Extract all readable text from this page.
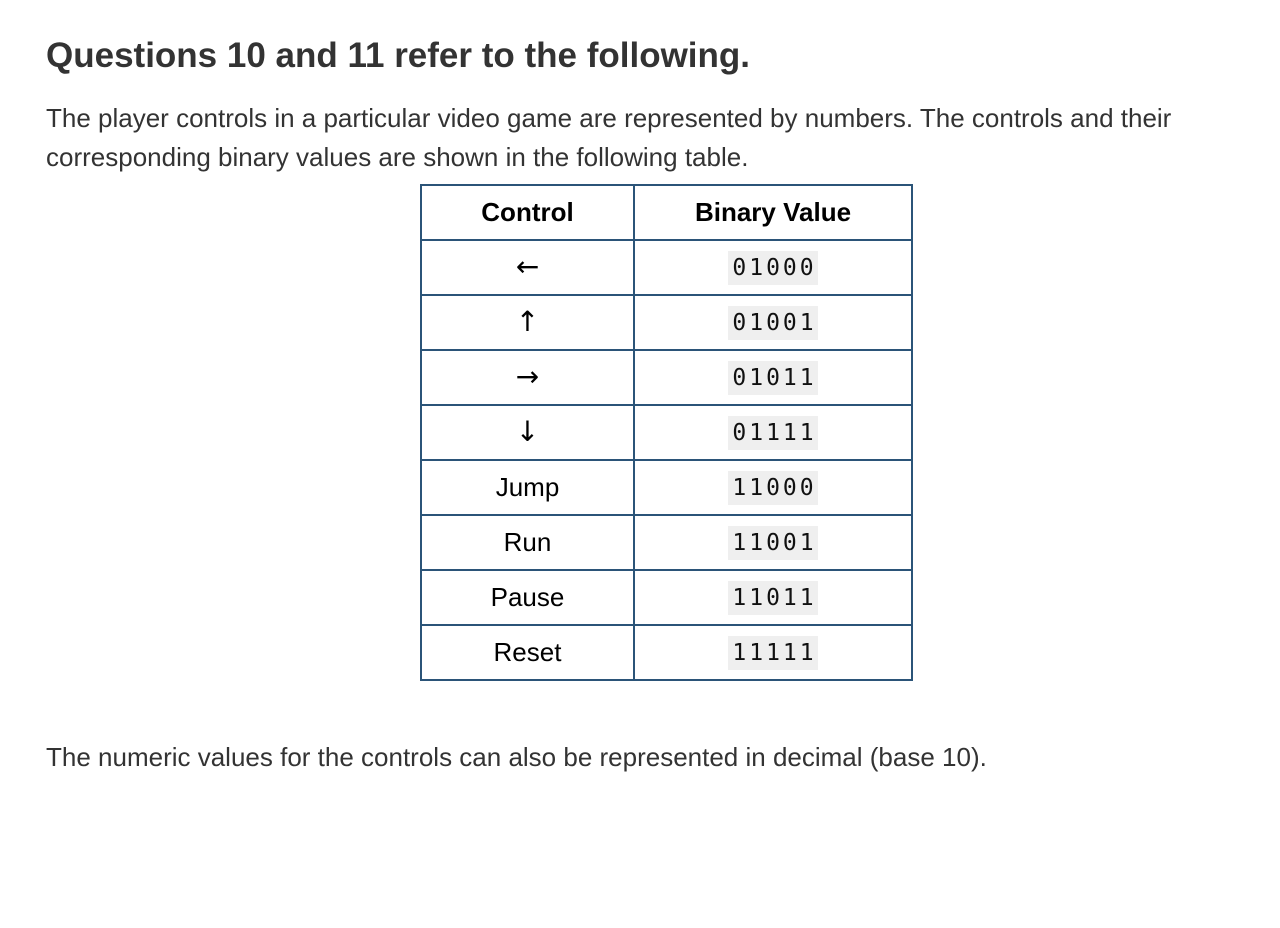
Questions 10 and 11 refer to the following.

The player controls in a particular video game are represented by numbers. The controls and their corresponding binary values are shown in the following table.

Control	Binary Value
←	01000
↑	01001
→	01011
↓	01111
Jump	11000
Run	11001
Pause	11011
Reset	11111

The numeric values for the controls can also be represented in decimal (base 10).
